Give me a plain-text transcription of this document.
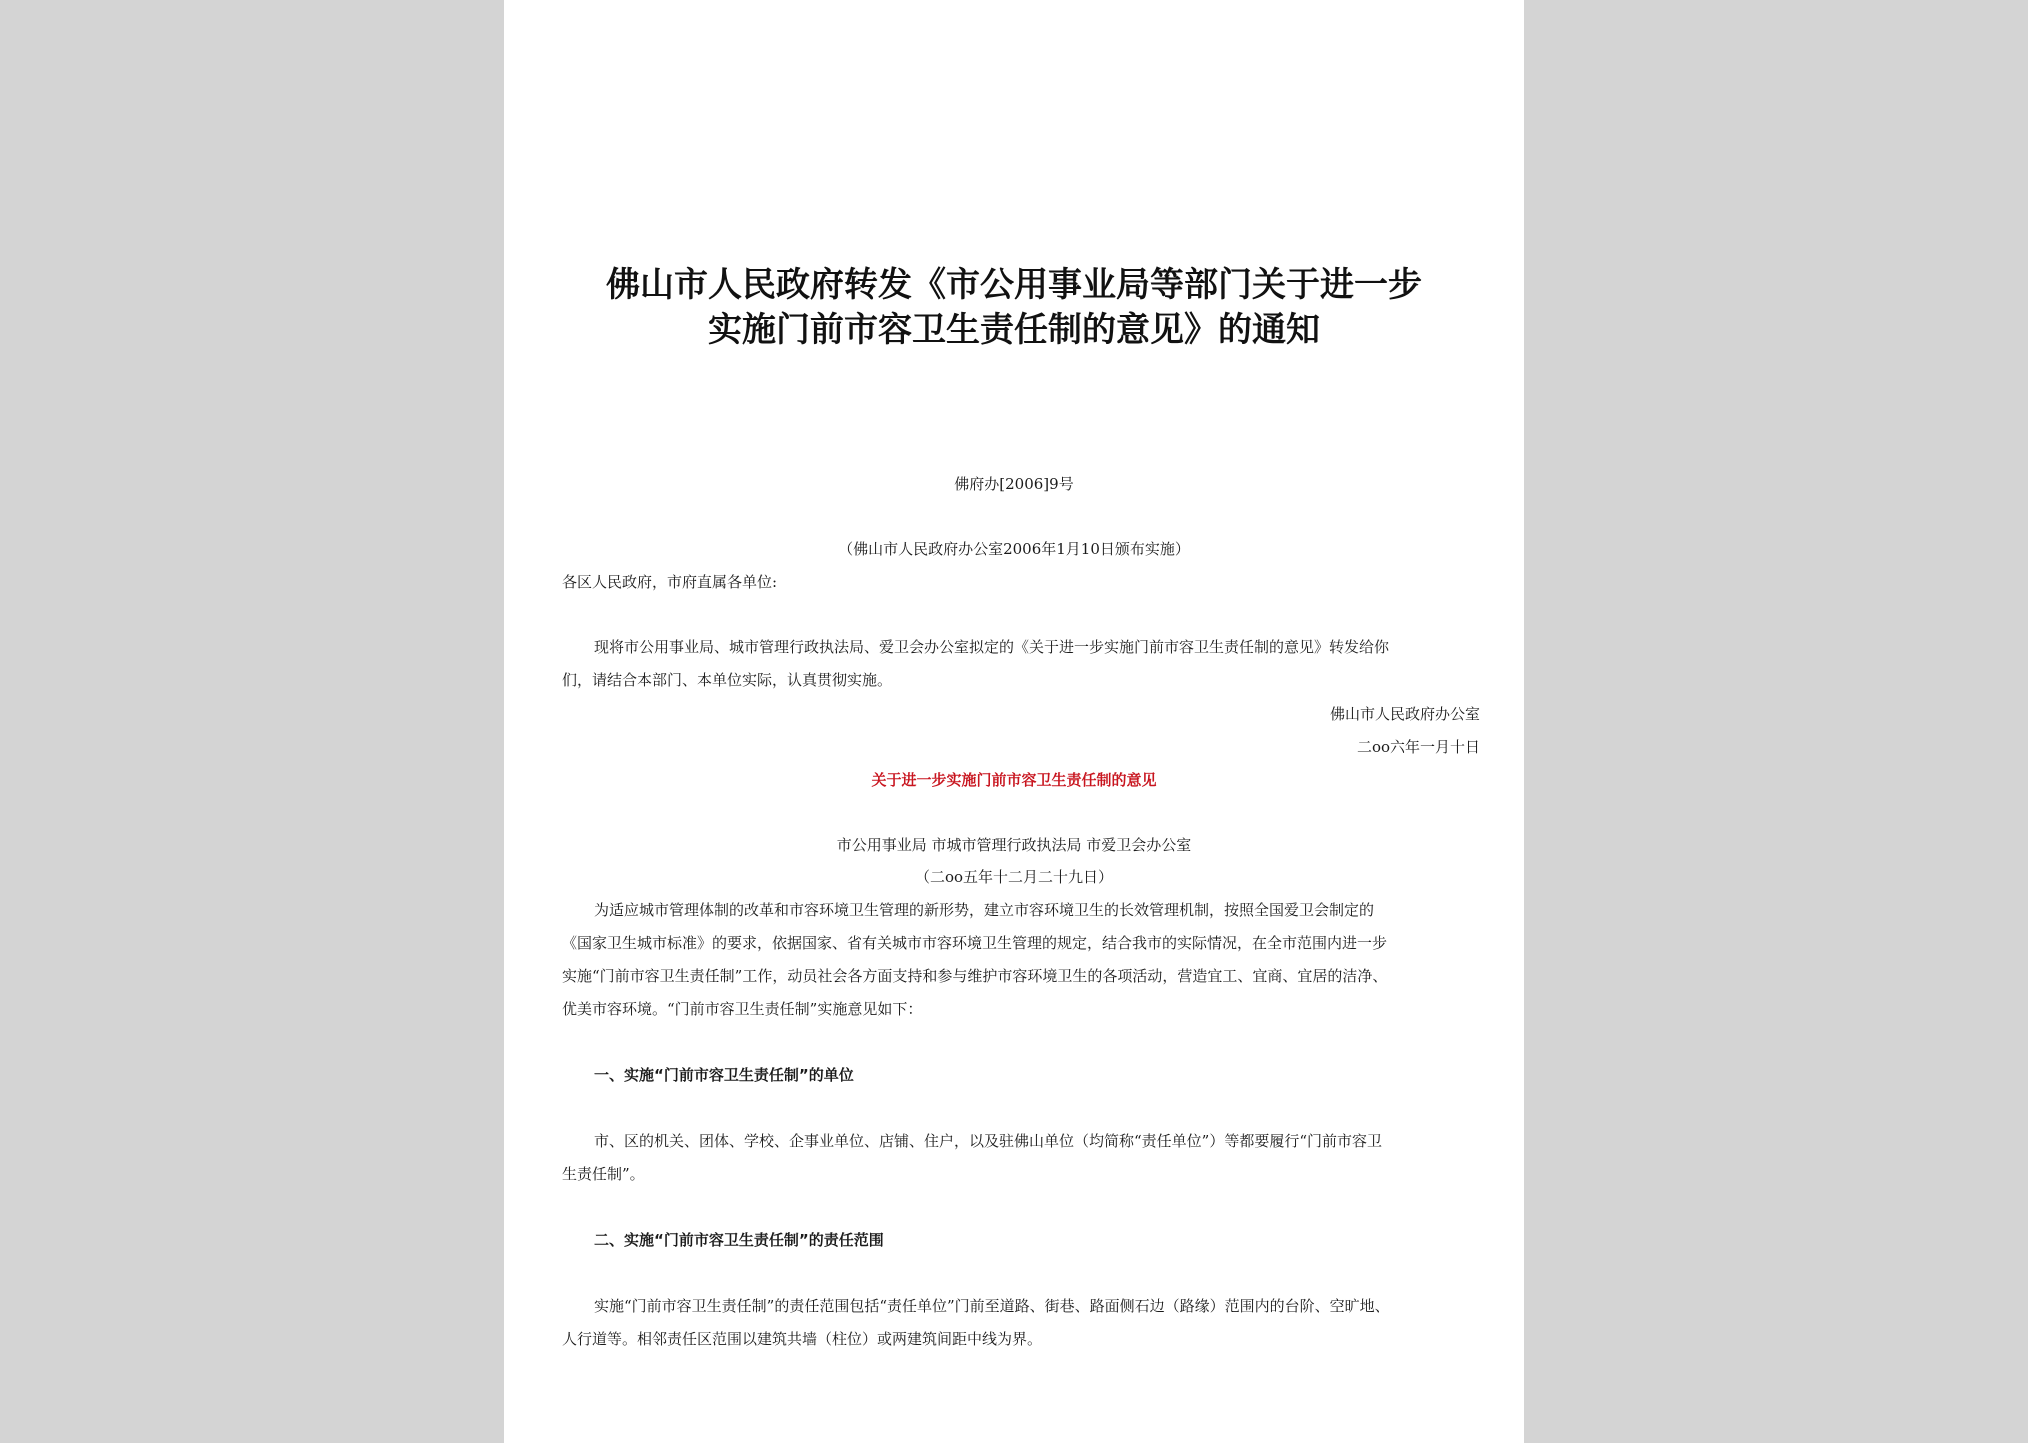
佛山市人民政府转发《市公用事业局等部门关于进一步
实施门前市容卫生责任制的意见》的通知
佛府办[2006]9号
（佛山市人民政府办公室2006年1月10日颁布实施）
各区人民政府，市府直属各单位:
现将市公用事业局、城市管理行政执法局、爱卫会办公室拟定的《关于进一步实施门前市容卫生责任制的意见》转发给你
们，请结合本部门、本单位实际，认真贯彻实施。
佛山市人民政府办公室
二oo六年一月十日
关于进一步实施门前市容卫生责任制的意见
市公用事业局 市城市管理行政执法局 市爱卫会办公室
（二oo五年十二月二十九日）
为适应城市管理体制的改革和市容环境卫生管理的新形势，建立市容环境卫生的长效管理机制，按照全国爱卫会制定的
《国家卫生城市标准》的要求，依据国家、省有关城市市容环境卫生管理的规定，结合我市的实际情况，在全市范围内进一步
实施“门前市容卫生责任制”工作，动员社会各方面支持和参与维护市容环境卫生的各项活动，营造宜工、宜商、宜居的洁净、
优美市容环境。“门前市容卫生责任制”实施意见如下：
一、实施“门前市容卫生责任制”的单位
市、区的机关、团体、学校、企事业单位、店铺、住户，以及驻佛山单位（均简称“责任单位”）等都要履行“门前市容卫
生责任制”。
二、实施“门前市容卫生责任制”的责任范围
实施“门前市容卫生责任制”的责任范围包括“责任单位”门前至道路、街巷、路面侧石边（路缘）范围内的台阶、空旷地、
人行道等。相邻责任区范围以建筑共墙（柱位）或两建筑间距中线为界。
